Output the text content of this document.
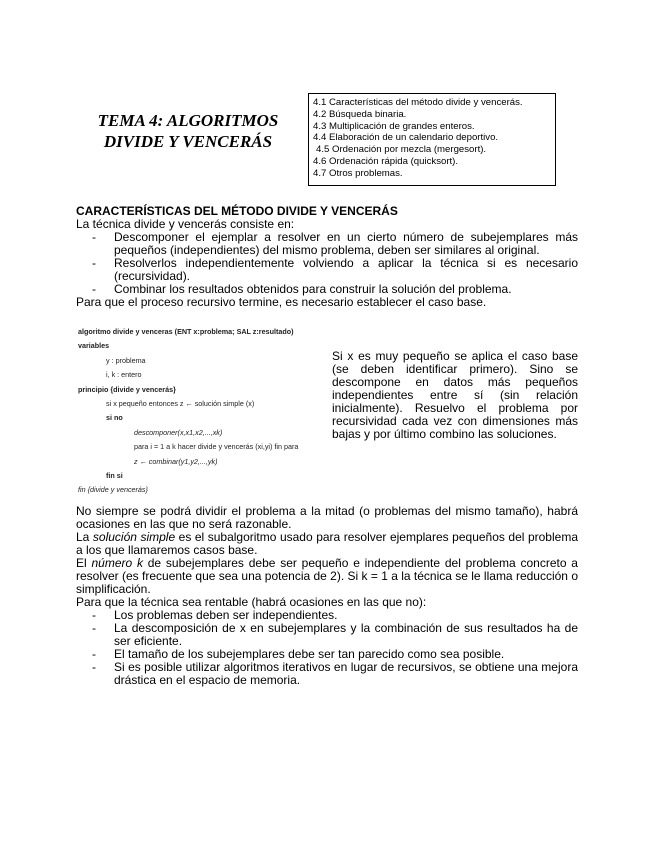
TEMA 4: ALGORITMOS
DIVIDE Y VENCERÁS
4.1 Características del método divide y vencerás.
4.2 Búsqueda binaria.
4.3 Multiplicación de grandes enteros.
4.4 Elaboración de un calendario deportivo.
4.5 Ordenación por mezcla (mergesort).
4.6 Ordenación rápida (quicksort).
4.7 Otros problemas.
CARACTERÍSTICAS DEL MÉTODO DIVIDE Y VENCERÁS

La técnica divide y vencerás consiste en:

- Descomponer el ejemplar a resolver en un cierto número de subejemplares más pequeños (independientes) del mismo problema, deben ser similares al original.
- Resolverlos independientemente volviendo a aplicar la técnica si es necesario (recursividad).
- Combinar los resultados obtenidos para construir la solución del problema.

Para que el proceso recursivo termine, es necesario establecer el caso base.

algoritmo divide y venceras (ENT x:problema; SAL z:resultado)
variables
y : problema
i, k : entero
principio {divide y vencerás}
si x pequeño entonces z ← solución simple (x)
si no
descomponer(x,x1,x2,...,xk)
para i = 1 a k hacer divide y vencerás (xi,yi) fin para
z ← combinar(y1,y2,...,yk)
fin si
fin {divide y vencerás}

Si x es muy pequeño se aplica el caso base (se deben identificar primero). Sino se descompone en datos más pequeños independientes entre sí (sin relación inicialmente). Resuelvo el problema por recursividad cada vez con dimensiones más bajas y por último combino las soluciones.

No siempre se podrá dividir el problema a la mitad (o problemas del mismo tamaño), habrá ocasiones en las que no será razonable.

La solución simple es el subalgoritmo usado para resolver ejemplares pequeños del problema a los que llamaremos casos base.

El número k de subejemplares debe ser pequeño e independiente del problema concreto a resolver (es frecuente que sea una potencia de 2). Si k = 1 a la técnica se le llama reducción o simplificación.

Para que la técnica sea rentable (habrá ocasiones en las que no):

- Los problemas deben ser independientes.
- La descomposición de x en subejemplares y la combinación de sus resultados ha de ser eficiente.
- El tamaño de los subejemplares debe ser tan parecido como sea posible.
- Si es posible utilizar algoritmos iterativos en lugar de recursivos, se obtiene una mejora drástica en el espacio de memoria.
